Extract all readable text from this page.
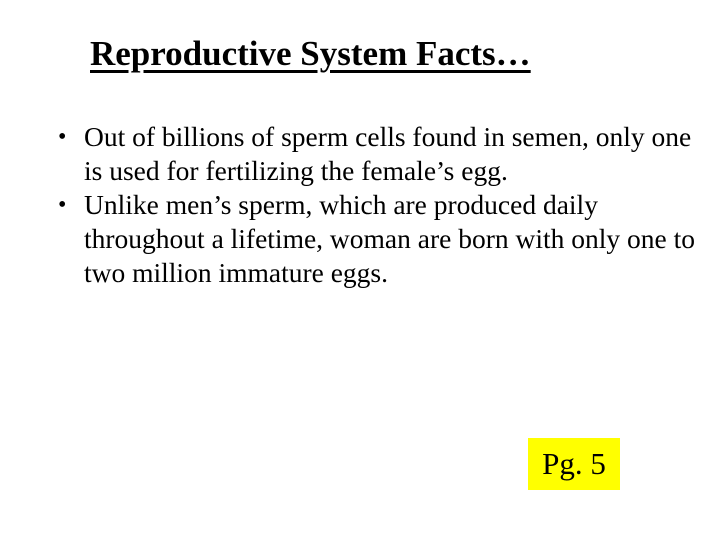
Reproductive System Facts…
• Out of billions of sperm cells found in semen, only one is used for fertilizing the female’s egg.
• Unlike men’s sperm, which are produced daily throughout a lifetime, woman are born with only one to two million immature eggs.
Pg. 5
